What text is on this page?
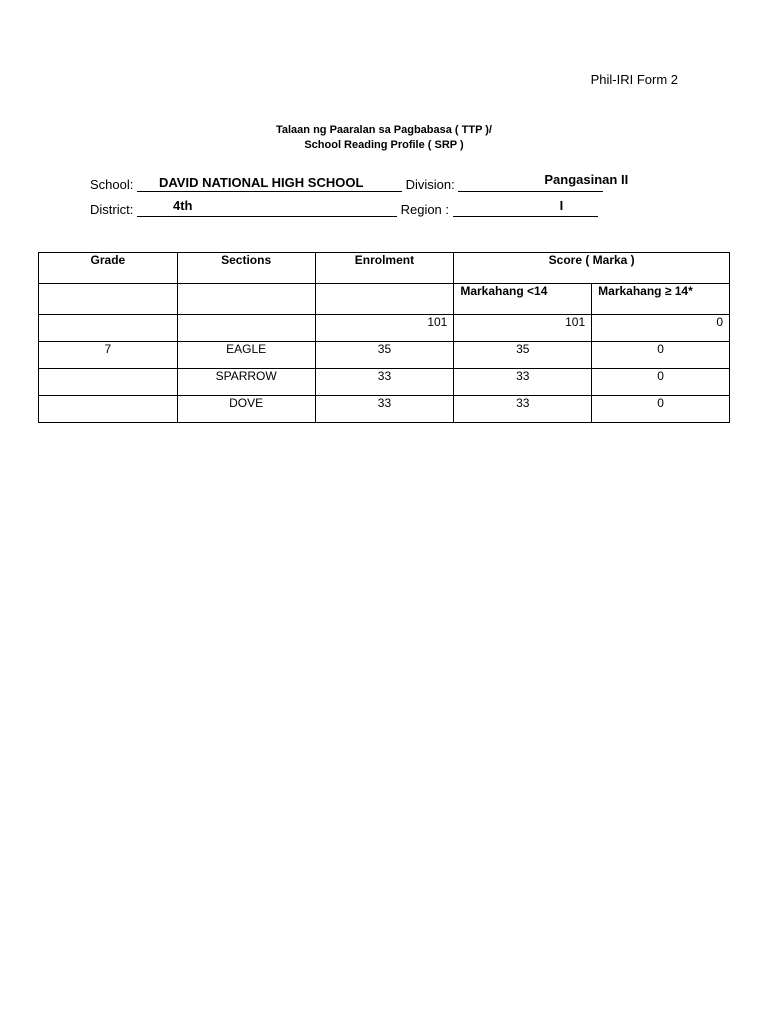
Phil-IRI Form 2
Talaan ng Paaralan sa Pagbabasa ( TTP )/
School Reading Profile ( SRP )
School: DAVID NATIONAL HIGH SCHOOL	Division:	Pangasinan II
District:	4th	Region :	I
Grade	Sections	Enrolment	Score ( Marka )	
			Markahang <14	Markahang ≥ 14*
		101	101	0
7	EAGLE	35	35	0
	SPARROW	33	33	0
	DOVE	33	33	0
